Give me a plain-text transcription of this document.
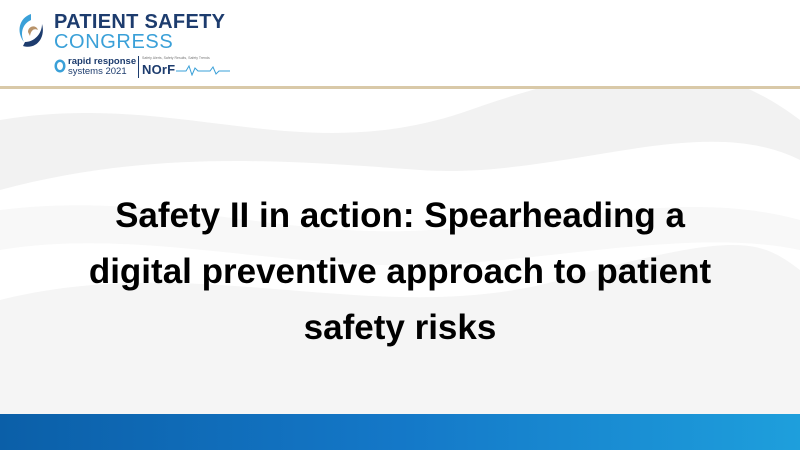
PATIENT SAFETY
CONGRESS
rapid response
systems 2021
Safety Alerts, Safety Results, Safety Trends
NOrF
Safety II in action: Spearheading a digital preventive approach to patient safety risks
